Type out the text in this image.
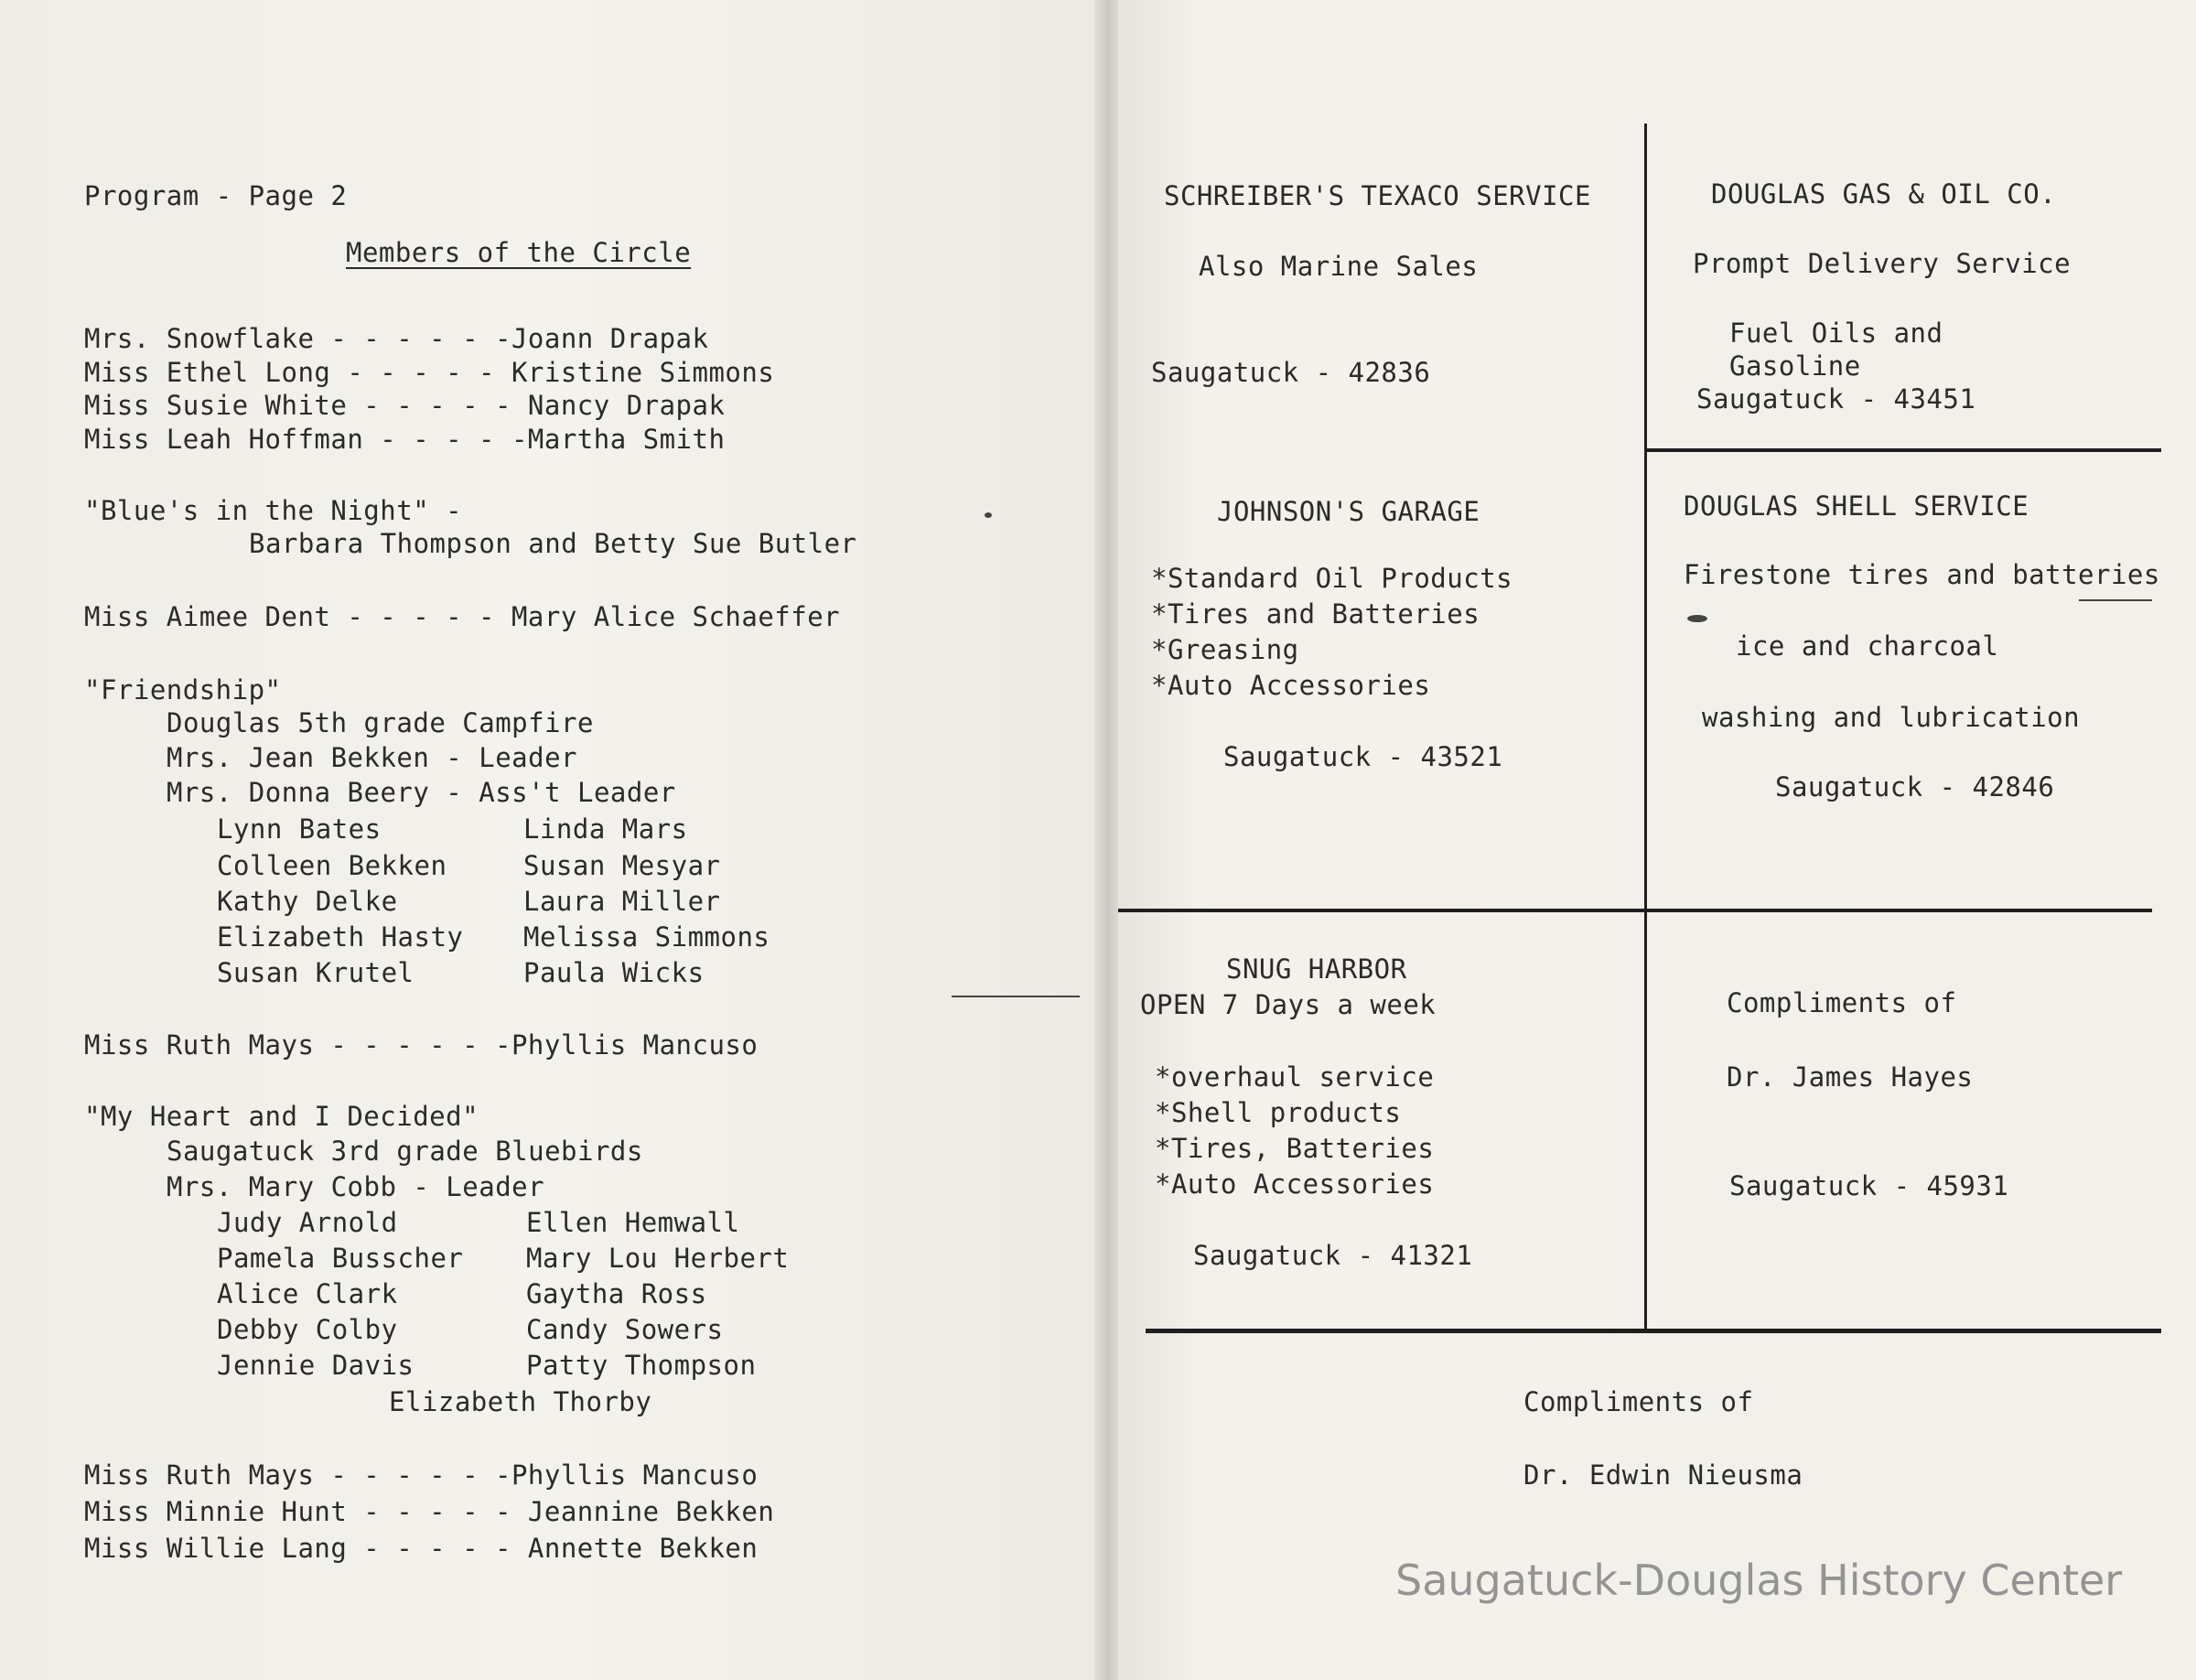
Program - Page 2
Members of the Circle
Mrs. Snowflake - - - - - -Joann Drapak
Miss Ethel Long - - - - - Kristine Simmons
Miss Susie White - - - - - Nancy Drapak
Miss Leah Hoffman - - - - -Martha Smith
"Blue's in the Night" -
Barbara Thompson and Betty Sue Butler
Miss Aimee Dent - - - - - Mary Alice Schaeffer
"Friendship"
Douglas 5th grade Campfire
Mrs. Jean Bekken - Leader
Mrs. Donna Beery - Ass't Leader
Lynn Bates
Colleen Bekken
Kathy Delke
Elizabeth Hasty
Susan Krutel
Linda Mars
Susan Mesyar
Laura Miller
Melissa Simmons
Paula Wicks
Miss Ruth Mays - - - - - -Phyllis Mancuso
"My Heart and I Decided"
Saugatuck 3rd grade Bluebirds
Mrs. Mary Cobb - Leader
Judy Arnold
Pamela Busscher
Alice Clark
Debby Colby
Jennie Davis
Ellen Hemwall
Mary Lou Herbert
Gaytha Ross
Candy Sowers
Patty Thompson
Elizabeth Thorby
Miss Ruth Mays - - - - - -Phyllis Mancuso
Miss Minnie Hunt - - - - - Jeannine Bekken
Miss Willie Lang - - - - - Annette Bekken
SCHREIBER'S TEXACO SERVICE
Also Marine Sales
Saugatuck - 42836
DOUGLAS GAS & OIL CO.
Prompt Delivery Service
Fuel Oils and
Gasoline
Saugatuck - 43451
JOHNSON'S GARAGE
*Standard Oil Products
*Tires and Batteries
*Greasing
*Auto Accessories
Saugatuck - 43521
DOUGLAS SHELL SERVICE
Firestone tires and batteries
ice and charcoal
washing and lubrication
Saugatuck - 42846
SNUG HARBOR
OPEN 7 Days a week
*overhaul service
*Shell products
*Tires, Batteries
*Auto Accessories
Saugatuck - 41321
Compliments of
Dr. James Hayes
Saugatuck - 45931
Compliments of
Dr. Edwin Nieusma
Saugatuck-Douglas History Center
